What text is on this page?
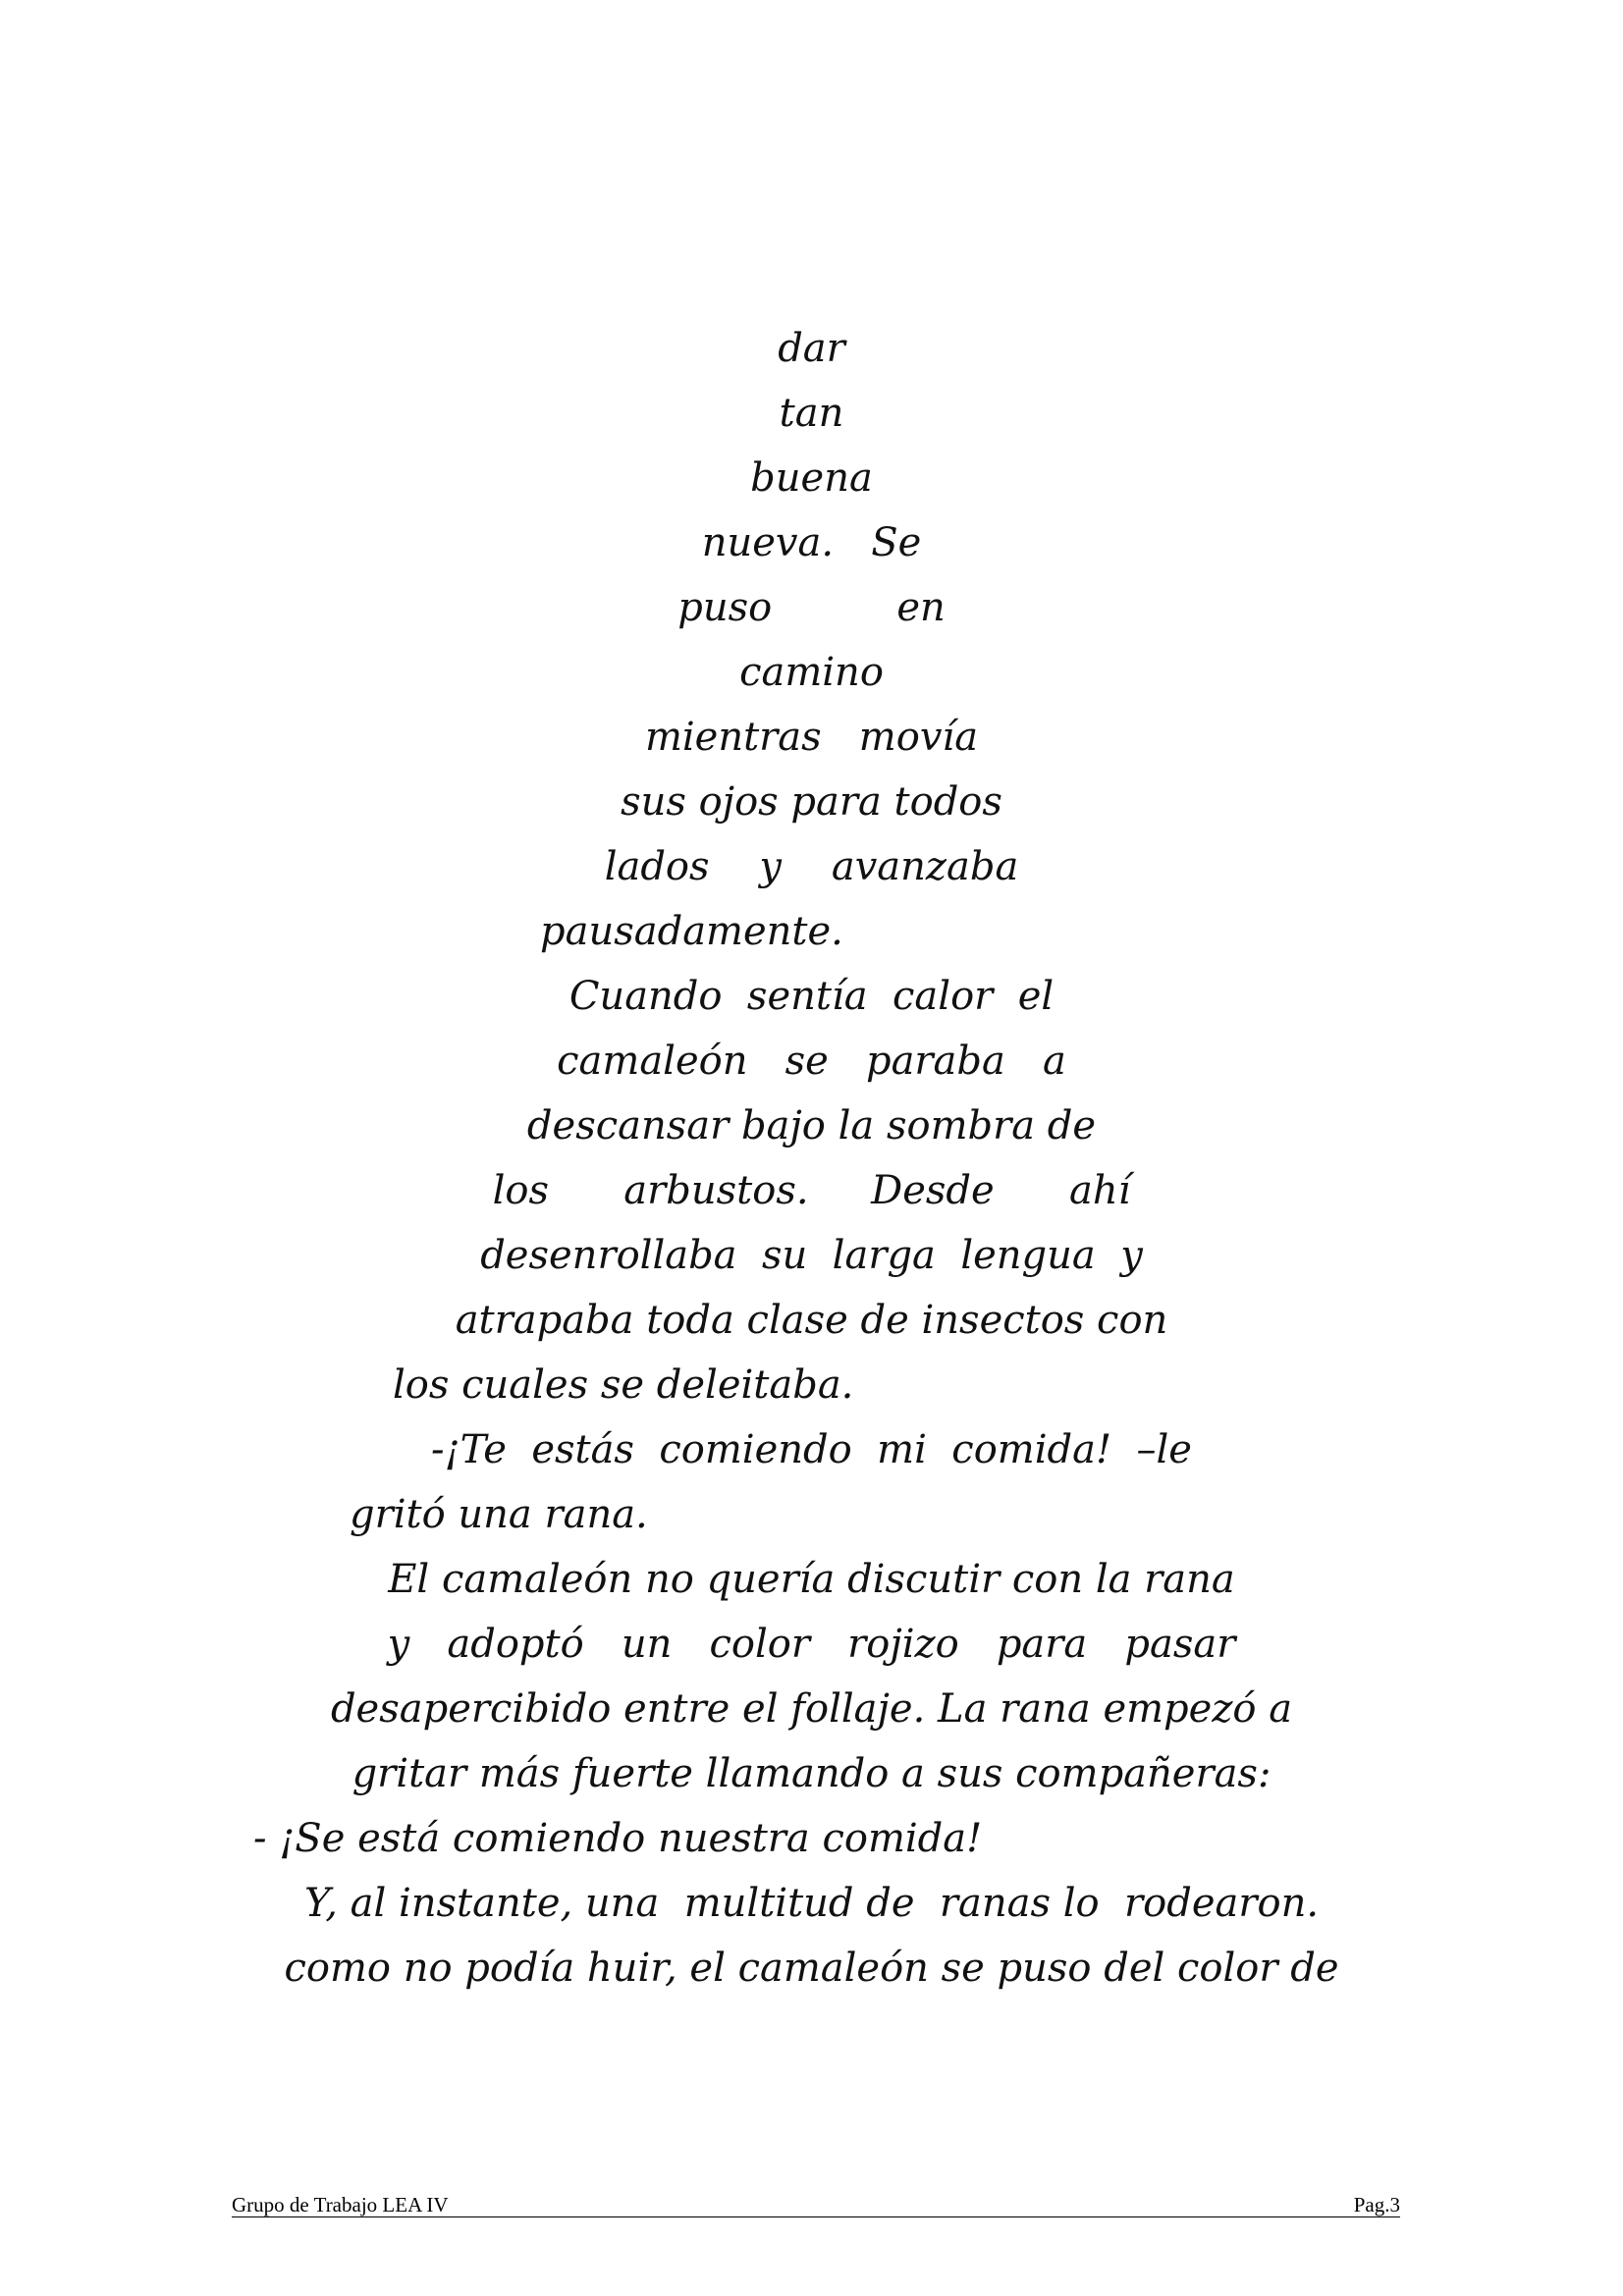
dar
tan
buena
nueva.   Se
puso          en
camino
mientras   movía
sus ojos para todos
lados    y    avanzaba
pausadamente.
Cuando  sentía  calor  el
camaleón   se   paraba   a
descansar bajo la sombra de
los      arbustos.     Desde      ahí
desenrollaba  su  larga  lengua  y
atrapaba toda clase de insectos con
los cuales se deleitaba.
-¡Te  estás  comiendo  mi  comida!  –le
gritó una rana.
El camaleón no quería discutir con la rana
y   adoptó   un   color   rojizo   para   pasar
desapercibido entre el follaje. La rana empezó a
gritar más fuerte llamando a sus compañeras:
- ¡Se está comiendo nuestra comida!
Y, al instante, una  multitud de  ranas lo  rodearon.
como no podía huir, el camaleón se puso del color de
Grupo de Trabajo LEA IV	Pag.3
